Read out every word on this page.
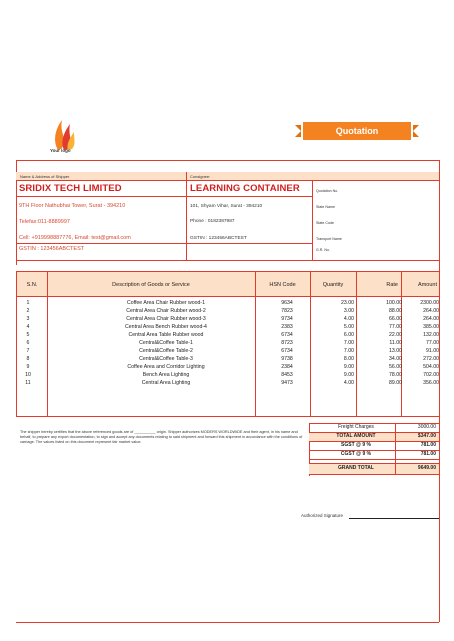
Your logo
Quotation
Name & Address of Shipper	Consignee:
SRIDIX TECH LIMITED
9TH Floor Nathubhai Tower, Surat - 394210
Telefax:011-8889997
Cell: +919998887776, Email: test@gmail.com
GSTIN : 123456ABCTEST
LEARNING CONTAINER
101, Shyam Vihar, Surat - 394210
Phone : 0182387987
GSTIN : 123456ABCTEST
Quotation No.
State Name
State Code
Transport Name
G.R. No.
S.N.	Description of Goods or Service	HSN Code	Quantity	Rate	Amount
1	Coffee Area Chair Rubber wood-1	9634	23.00	100.00	2300.00
2	Central Area Chair Rubber wood-2	7823	3.00	88.00	264.00
3	Central Area Chair Rubber wood-3	9734	4.00	66.00	264.00
4	Central Area Bench Rubber wood-4	2383	5.00	77.00	385.00
5	Central Area Table Rubber wood	6734	6.00	22.00	132.00
6	Central&Coffee Table-1	8723	7.00	11.00	77.00
7	Central&Coffee Table-2	6734	7.00	13.00	91.00
8	Central&Coffee Table-3	9738	8.00	34.00	272.00
9	Coffee Area and Corridor Lighting	2384	9.00	56.00	504.00
10	Bench Area Lighting	8453	9.00	78.00	702.00
11	Central Area Lighting	9473	4.00	89.00	356.00
The shipper hereby certifies that the above referenced goods are of __________ origin. Shipper authorizes MODERS WORLDWIDE and their agent, in his name and behalf, to prepare any export documentation, to sign and accept any documents relating to said shipment and forward this shipment in accordance with the conditions of carriage. The values listed on this document represent fair market value.
Freight Charges	3000.00
TOTAL AMOUNT	$347.00
SGST @ 9 %	781.00
CGST @ 9 %	781.00
GRAND TOTAL	9649.00
Authorized Signature
